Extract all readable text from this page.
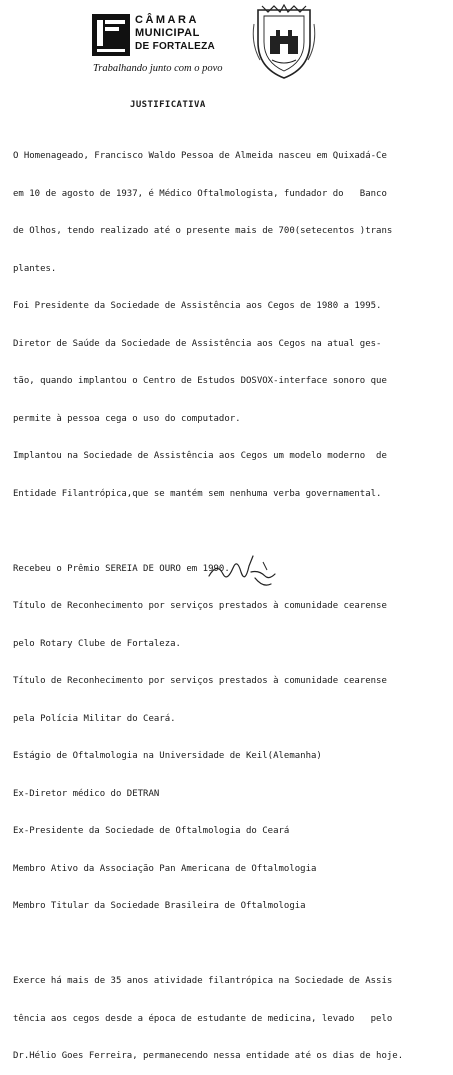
CÂMARA
MUNICIPAL
DE FORTALEZA
Trabalhando junto com o povo
JUSTIFICATIVA

O Homenageado, Francisco Waldo Pessoa de Almeida nasceu em Quixadá-Ce

em 10 de agosto de 1937, é Médico Oftalmologista, fundador do   Banco

de Olhos, tendo realizado até o presente mais de 700(setecentos )trans

plantes.

Foi Presidente da Sociedade de Assistência aos Cegos de 1980 a 1995.

Diretor de Saúde da Sociedade de Assistência aos Cegos na atual ges-

tão, quando implantou o Centro de Estudos DOSVOX-interface sonoro que

permite à pessoa cega o uso do computador.

Implantou na Sociedade de Assistência aos Cegos um modelo moderno  de

Entidade Filantrópica,que se mantém sem nenhuma verba governamental.

Recebeu o Prêmio SEREIA DE OURO em 1990.

Título de Reconhecimento por serviços prestados à comunidade cearense

pelo Rotary Clube de Fortaleza.

Título de Reconhecimento por serviços prestados à comunidade cearense

pela Polícia Militar do Ceará.

Estágio de Oftalmologia na Universidade de Keil(Alemanha)

Ex-Diretor médico do DETRAN

Ex-Presidente da Sociedade de Oftalmologia do Ceará

Membro Ativo da Associação Pan Americana de Oftalmologia

Membro Titular da Sociedade Brasileira de Oftalmologia

Exerce há mais de 35 anos atividade filantrópica na Sociedade de Assis

tência aos cegos desde a época de estudante de medicina, levado   pelo

Dr.Hélio Goes Ferreira, permanecendo nessa entidade até os dias de hoje.
